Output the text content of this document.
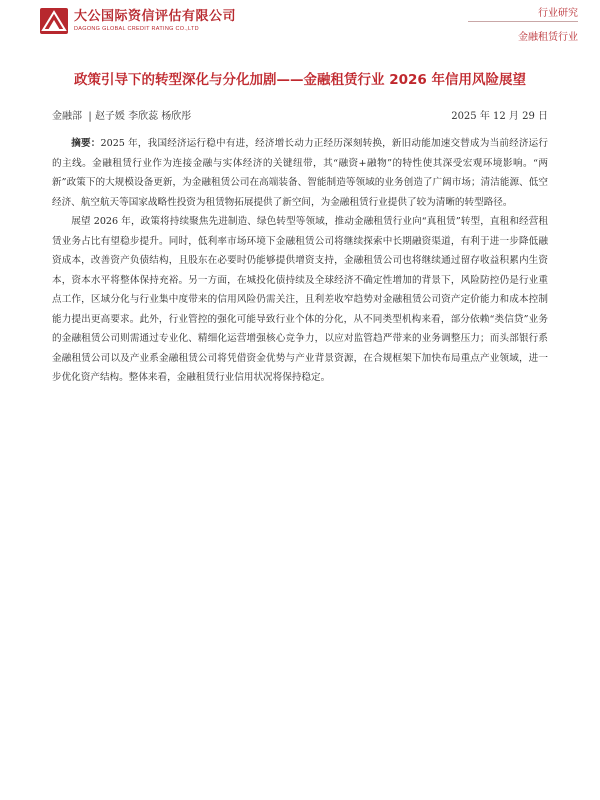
大公国际资信评估有限公司
DAGONG GLOBAL CREDIT RATING CO.,LTD
行业研究
金融租赁行业
政策引导下的转型深化与分化加剧——金融租赁行业 2026 年信用风险展望
金融部  | 赵子媛 李欣蕊 杨欣彤	2025 年 12 月 29 日

摘要：2025 年，我国经济运行稳中有进，经济增长动力正经历深刻转换，新旧动能加速交替成为当前经济运行的主线。金融租赁行业作为连接金融与实体经济的关键纽带，其“融资+融物”的特性使其深受宏观环境影响。“两新”政策下的大规模设备更新，为金融租赁公司在高端装备、智能制造等领域的业务创造了广阔市场；清洁能源、低空经济、航空航天等国家战略性投资为租赁物拓展提供了新空间，为金融租赁行业提供了较为清晰的转型路径。

展望 2026 年，政策将持续聚焦先进制造、绿色转型等领域，推动金融租赁行业向“真租赁”转型，直租和经营租赁业务占比有望稳步提升。同时，低利率市场环境下金融租赁公司将继续探索中长期融资渠道，有利于进一步降低融资成本，改善资产负债结构，且股东在必要时仍能够提供增资支持，金融租赁公司也将继续通过留存收益积累内生资本，资本水平将整体保持充裕。另一方面，在城投化债持续及全球经济不确定性增加的背景下，风险防控仍是行业重点工作，区域分化与行业集中度带来的信用风险仍需关注，且利差收窄趋势对金融租赁公司资产定价能力和成本控制能力提出更高要求。此外，行业管控的强化可能导致行业个体的分化，从不同类型机构来看，部分依赖“类信贷”业务的金融租赁公司则需通过专业化、精细化运营增强核心竞争力，以应对监管趋严带来的业务调整压力；而头部银行系金融租赁公司以及产业系金融租赁公司将凭借资金优势与产业背景资源，在合规框架下加快布局重点产业领域，进一步优化资产结构。整体来看，金融租赁行业信用状况将保持稳定。
